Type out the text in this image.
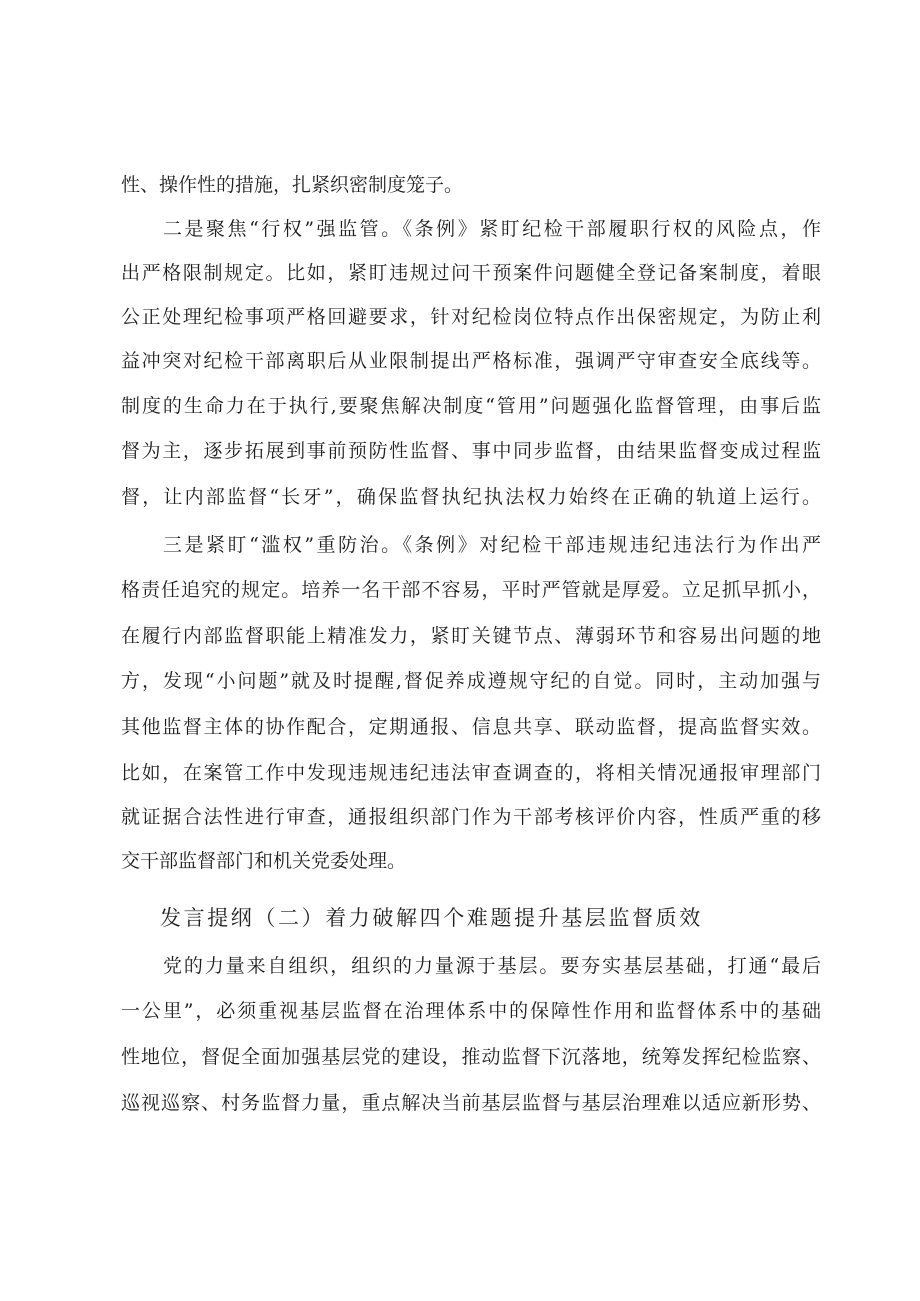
性、操作性的措施，扎紧织密制度笼子。
二是聚焦“行权”强监管。《条例》紧盯纪检干部履职行权的风险点，作
出严格限制规定。比如，紧盯违规过问干预案件问题健全登记备案制度，着眼
公正处理纪检事项严格回避要求，针对纪检岗位特点作出保密规定，为防止利
益冲突对纪检干部离职后从业限制提出严格标准，强调严守审查安全底线等。
制度的生命力在于执行,要聚焦解决制度“管用”问题强化监督管理，由事后监
督为主，逐步拓展到事前预防性监督、事中同步监督，由结果监督变成过程监
督，让内部监督“长牙”，确保监督执纪执法权力始终在正确的轨道上运行。
三是紧盯“滥权”重防治。《条例》对纪检干部违规违纪违法行为作出严
格责任追究的规定。培养一名干部不容易，平时严管就是厚爱。立足抓早抓小，
在履行内部监督职能上精准发力，紧盯关键节点、薄弱环节和容易出问题的地
方，发现“小问题”就及时提醒,督促养成遵规守纪的自觉。同时，主动加强与
其他监督主体的协作配合，定期通报、信息共享、联动监督，提高监督实效。
比如，在案管工作中发现违规违纪违法审查调查的，将相关情况通报审理部门
就证据合法性进行审查，通报组织部门作为干部考核评价内容，性质严重的移
交干部监督部门和机关党委处理。
发言提纲（二）着力破解四个难题提升基层监督质效
党的力量来自组织，组织的力量源于基层。要夯实基层基础，打通“最后
一公里”，必须重视基层监督在治理体系中的保障性作用和监督体系中的基础
性地位，督促全面加强基层党的建设，推动监督下沉落地，统筹发挥纪检监察、
巡视巡察、村务监督力量，重点解决当前基层监督与基层治理难以适应新形势、
